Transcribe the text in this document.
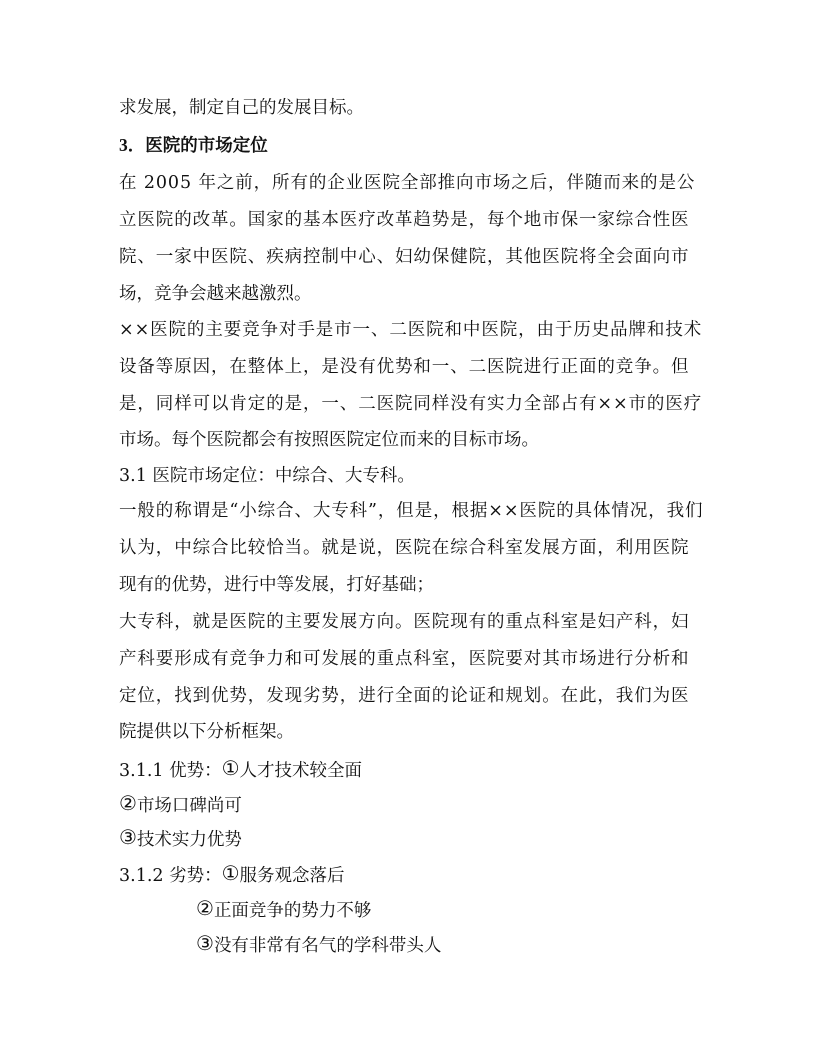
求发展，制定自己的发展目标。
3．医院的市场定位
在 2005 年之前，所有的企业医院全部推向市场之后，伴随而来的是公
立医院的改革。国家的基本医疗改革趋势是，每个地市保一家综合性医
院、一家中医院、疾病控制中心、妇幼保健院，其他医院将全会面向市
场，竞争会越来越激烈。
××医院的主要竞争对手是市一、二医院和中医院，由于历史品牌和技术
设备等原因，在整体上，是没有优势和一、二医院进行正面的竞争。但
是，同样可以肯定的是，一、二医院同样没有实力全部占有××市的医疗
市场。每个医院都会有按照医院定位而来的目标市场。
3.1 医院市场定位：中综合、大专科。
一般的称谓是“小综合、大专科”，但是，根据××医院的具体情况，我们
认为，中综合比较恰当。就是说，医院在综合科室发展方面，利用医院
现有的优势，进行中等发展，打好基础；
大专科，就是医院的主要发展方向。医院现有的重点科室是妇产科，妇
产科要形成有竞争力和可发展的重点科室，医院要对其市场进行分析和
定位，找到优势，发现劣势，进行全面的论证和规划。在此，我们为医
院提供以下分析框架。
3.1.1 优势：①人才技术较全面
②市场口碑尚可
③技术实力优势
3.1.2 劣势：①服务观念落后
②正面竞争的势力不够
③没有非常有名气的学科带头人
